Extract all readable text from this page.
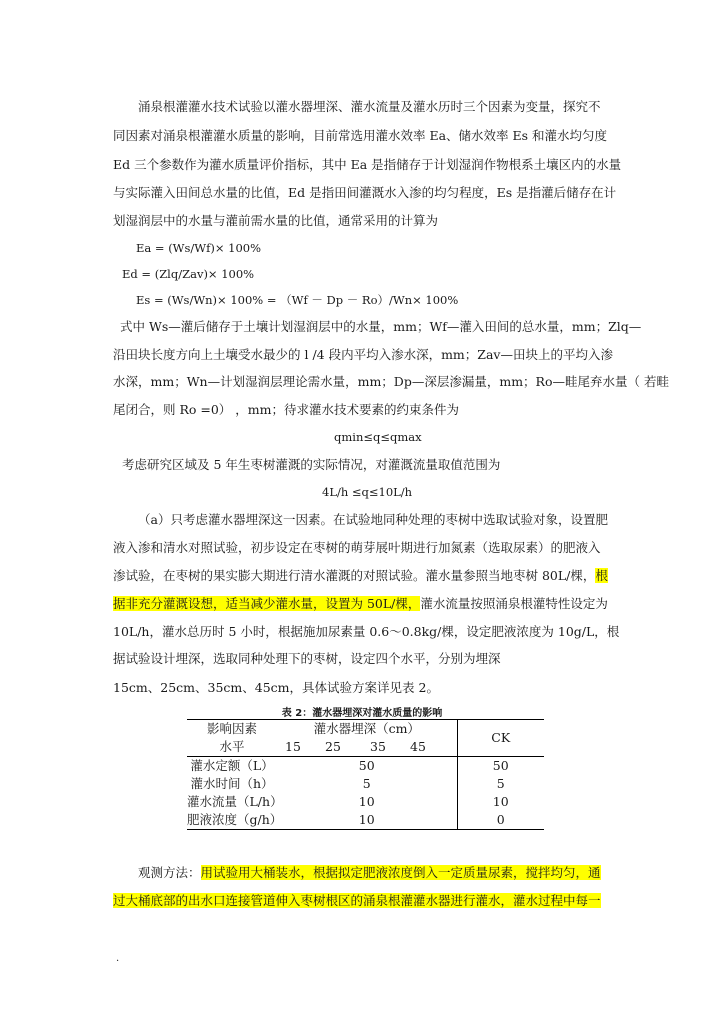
涌泉根灌灌水技术试验以灌水器埋深、灌水流量及灌水历时三个因素为变量，探究不
同因素对涌泉根灌灌水质量的影响，目前常选用灌水效率 Ea、储水效率 Es 和灌水均匀度
Ed 三个参数作为灌水质量评价指标，其中 Ea 是指储存于计划湿润作物根系土壤区内的水量
与实际灌入田间总水量的比值，Ed 是指田间灌溉水入渗的均匀程度，Es 是指灌后储存在计
划湿润层中的水量与灌前需水量的比值，通常采用的计算为
Ea = (Ws/Wf)× 100%
Ed = (Zlq/Zav)× 100%
Es = (Ws/Wn)× 100% = （Wf － Dp － Ro）/Wn× 100%
式中 Ws—灌后储存于土壤计划湿润层中的水量，mm；Wf—灌入田间的总水量，mm；Zlq—
沿田块长度方向上土壤受水最少的 l /4 段内平均入渗水深，mm；Zav—田块上的平均入渗
水深，mm；Wn—计划湿润层理论需水量，mm；Dp—深层渗漏量，mm；Ro—畦尾弃水量（ 若畦
尾闭合，则 Ro =0） ，mm；待求灌水技术要素的约束条件为
qmin≤q≤qmax
考虑研究区域及 5 年生枣树灌溉的实际情况，对灌溉流量取值范围为
4L/h ≤q≤10L/h
（a）只考虑灌水器埋深这一因素。在试验地同种处理的枣树中选取试验对象，设置肥
液入渗和清水对照试验，初步设定在枣树的萌芽展叶期进行加氮素（选取尿素）的肥液入
渗试验，在枣树的果实膨大期进行清水灌溉的对照试验。灌水量参照当地枣树 80L/棵，根
据非充分灌溉设想，适当减少灌水量，设置为 50L/棵，灌水流量按照涌泉根灌特性设定为
10L/h，灌水总历时 5 小时，根据施加尿素量 0.6～0.8kg/棵，设定肥液浓度为 10g/L，根
据试验设计埋深，选取同种处理下的枣树，设定四个水平，分别为埋深
15cm、25cm、35cm、45cm，具体试验方案详见表 2。
表 2：灌水器埋深对灌水质量的影响
影响因素	灌水器埋深（cm）					CK
水平	15	25	35	45		
灌水定额（L）	50					50
灌水时间（h）	5					5
灌水流量（L/h）	10					10
肥液浓度（g/h）	10					0
观测方法：用试验用大桶装水，根据拟定肥液浓度倒入一定质量尿素，搅拌均匀，通
过大桶底部的出水口连接管道伸入枣树根区的涌泉根灌灌水器进行灌水，灌水过程中每一
.
